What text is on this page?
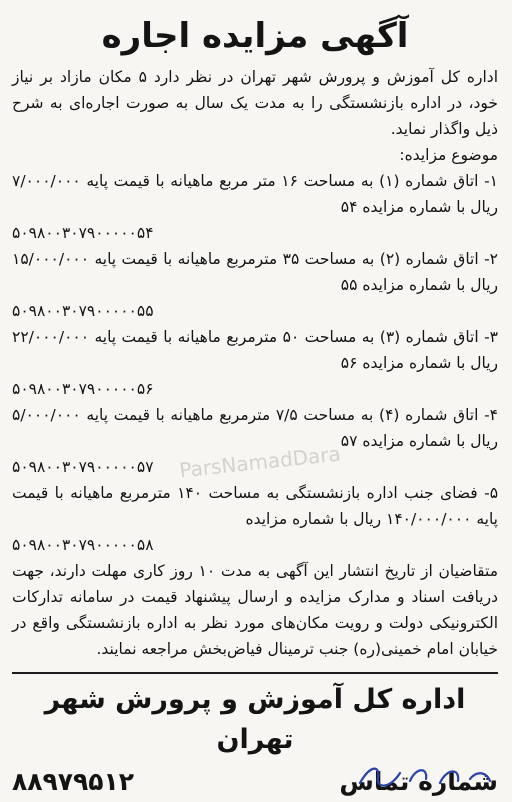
آگهی مزایده اجاره

اداره کل آموزش و پرورش شهر تهران در نظر دارد ۵ مکان مازاد بر نیاز خود، در اداره بازنشستگی را به مدت یک سال به صورت اجاره‌ای به شرح ذیل واگذار نماید.

موضوع مزایده:

۱- اتاق شماره (۱) به مساحت ۱۶ متر مربع ماهیانه با قیمت پایه ۷/۰۰۰/۰۰۰ ریال با شماره مزایده ۵۴
۵۰۹۸۰۰۳۰۷۹۰۰۰۰۰۵۴

۲- اتاق شماره (۲) به مساحت ۳۵ مترمربع ماهیانه با قیمت پایه ۱۵/۰۰۰/۰۰۰ ریال با شماره مزایده ۵۵
۵۰۹۸۰۰۳۰۷۹۰۰۰۰۰۵۵

۳- اتاق شماره (۳) به مساحت ۵۰ مترمربع ماهیانه با قیمت پایه ۲۲/۰۰۰/۰۰۰ ریال با شماره مزایده ۵۶
۵۰۹۸۰۰۳۰۷۹۰۰۰۰۰۵۶

۴- اتاق شماره (۴) به مساحت ۷/۵ مترمربع ماهیانه با قیمت پایه ۵/۰۰۰/۰۰۰ ریال با شماره مزایده ۵۷
۵۰۹۸۰۰۳۰۷۹۰۰۰۰۰۵۷

۵- فضای جنب اداره بازنشستگی به مساحت ۱۴۰ مترمربع ماهیانه با قیمت پایه ۱۴۰/۰۰۰/۰۰۰ ریال با شماره مزایده
۵۰۹۸۰۰۳۰۷۹۰۰۰۰۰۵۸

متقاضیان از تاریخ انتشار این آگهی به مدت ۱۰ روز کاری مهلت دارند، جهت دریافت اسناد و مدارک مزایده و ارسال پیشنهاد قیمت در سامانه تدارکات الکترونیکی دولت و رویت مکان‌های مورد نظر به اداره بازنشستگی واقع در خیابان امام خمینی(ره) جنب ترمینال فیاض‌بخش مراجعه نمایند.

اداره کل آموزش و پرورش شهر تهران
شماره تماس
۸۸۹۷۹۵۱۲
ParsNamadDara
